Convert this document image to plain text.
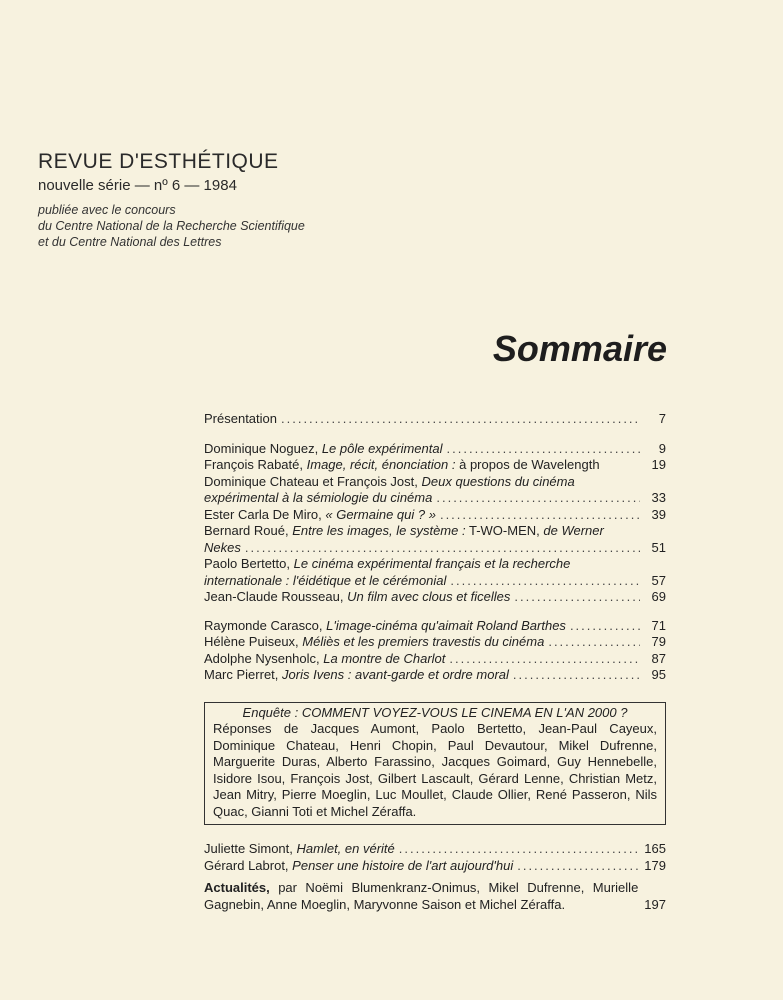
REVUE D'ESTHÉTIQUE
nouvelle série — nº 6 — 1984
publiée avec le concours
du Centre National de la Recherche Scientifique
et du Centre National des Lettres
Sommaire
Présentation .....	7
Dominique Noguez, Le pôle expérimental .....	9
François Rabaté, Image, récit, énonciation : à propos de Wavelength	19
Dominique Chateau et François Jost, Deux questions du cinéma
expérimental à la sémiologie du cinéma .....	33
Ester Carla De Miro, « Germaine qui ? » .....	39
Bernard Roué, Entre les images, le système : T-WO-MEN, de Werner
Nekes .....	51
Paolo Bertetto, Le cinéma expérimental français et la recherche
internationale : l'éidétique et le cérémonial .....	57
Jean-Claude Rousseau, Un film avec clous et ficelles .....	69
Raymonde Carasco, L'image-cinéma qu'aimait Roland Barthes .....	71
Hélène Puiseux, Méliès et les premiers travestis du cinéma .....	79
Adolphe Nysenholc, La montre de Charlot .....	87
Marc Pierret, Joris Ivens : avant-garde et ordre moral .....	95
Enquête : COMMENT VOYEZ-VOUS LE CINEMA EN L'AN 2000 ?
Réponses de Jacques Aumont, Paolo Bertetto, Jean-Paul Cayeux, Dominique Chateau, Henri Chopin, Paul Devautour, Mikel Dufrenne, Marguerite Duras, Alberto Farassino, Jacques Goimard, Guy Hennebelle, Isidore Isou, François Jost, Gilbert Lascault, Gérard Lenne, Christian Metz, Jean Mitry, Pierre Moeglin, Luc Moullet, Claude Ollier, René Passeron, Nils Quac, Gianni Toti et Michel Zéraffa.
Juliette Simont, Hamlet, en vérité .....	165
Gérard Labrot, Penser une histoire de l'art aujourd'hui .....	179
Actualités, par Noëmi Blumenkranz-Onimus, Mikel Dufrenne, Murielle Gagnebin, Anne Moeglin, Maryvonne Saison et Michel Zéraffa.	197
